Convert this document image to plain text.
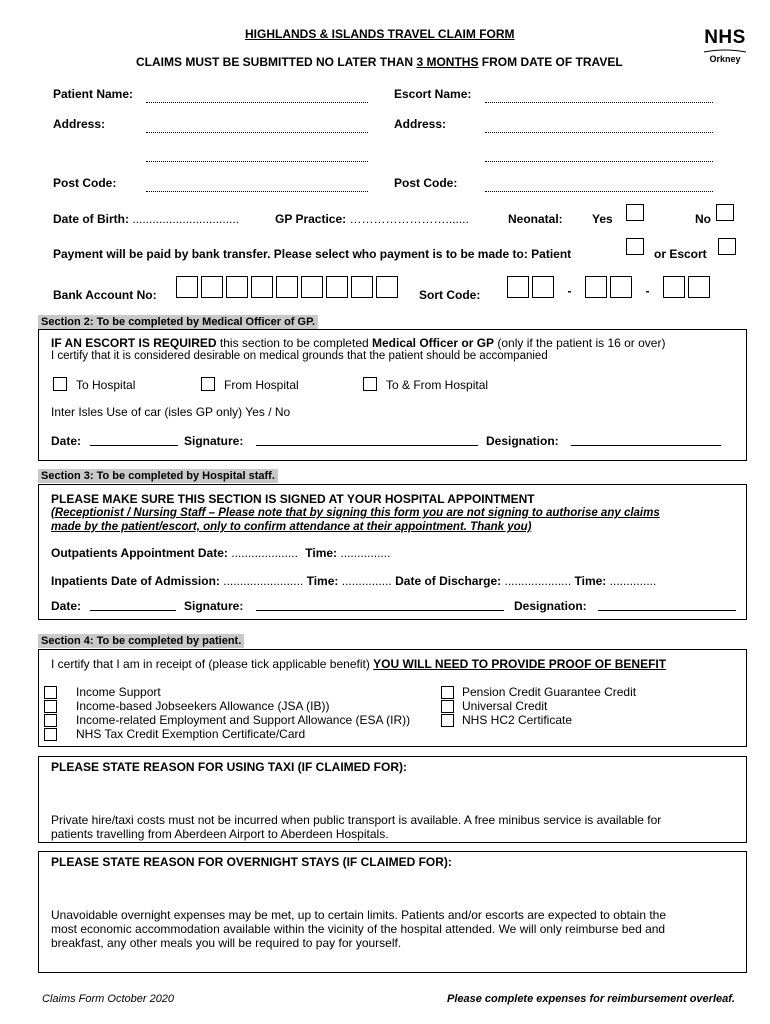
HIGHLANDS & ISLANDS TRAVEL CLAIM FORM
CLAIMS MUST BE SUBMITTED NO LATER THAN 3 MONTHS FROM DATE OF TRAVEL
NHS
Orkney
Patient Name:	Escort Name:
Address:	Address:
Post Code:	Post Code:
Date of Birth: ................................	GP Practice: …………………….......	Neonatal: Yes	No
Payment will be paid by bank transfer. Please select who payment is to be made to: Patient	or Escort
Bank Account No:	Sort Code:	-	-
Section 2: To be completed by Medical Officer of GP.
IF AN ESCORT IS REQUIRED this section to be completed Medical Officer or GP (only if the patient is 16 or over)
I certify that it is considered desirable on medical grounds that the patient should be accompanied
To Hospital	From Hospital	To & From Hospital
Inter Isles Use of car (isles GP only) Yes / No
Date:	Signature:	Designation:
Section 3: To be completed by Hospital staff.
PLEASE MAKE SURE THIS SECTION IS SIGNED AT YOUR HOSPITAL APPOINTMENT
(Receptionist / Nursing Staff – Please note that by signing this form you are not signing to authorise any claims
made by the patient/escort, only to confirm attendance at their appointment. Thank you)
Outpatients Appointment Date: .................... Time: ...............
Inpatients Date of Admission: ........................ Time: ............... Date of Discharge: .................... Time: ..............
Date:	Signature:	Designation:
Section 4: To be completed by patient.
I certify that I am in receipt of (please tick applicable benefit) YOU WILL NEED TO PROVIDE PROOF OF BENEFIT
Income Support
Income-based Jobseekers Allowance (JSA (IB))
Income-related Employment and Support Allowance (ESA (IR))
NHS Tax Credit Exemption Certificate/Card
Pension Credit Guarantee Credit
Universal Credit
NHS HC2 Certificate
PLEASE STATE REASON FOR USING TAXI (IF CLAIMED FOR):
Private hire/taxi costs must not be incurred when public transport is available. A free minibus service is available for
patients travelling from Aberdeen Airport to Aberdeen Hospitals.
PLEASE STATE REASON FOR OVERNIGHT STAYS (IF CLAIMED FOR):
Unavoidable overnight expenses may be met, up to certain limits. Patients and/or escorts are expected to obtain the
most economic accommodation available within the vicinity of the hospital attended. We will only reimburse bed and
breakfast, any other meals you will be required to pay for yourself.
Claims Form October 2020	Please complete expenses for reimbursement overleaf.
